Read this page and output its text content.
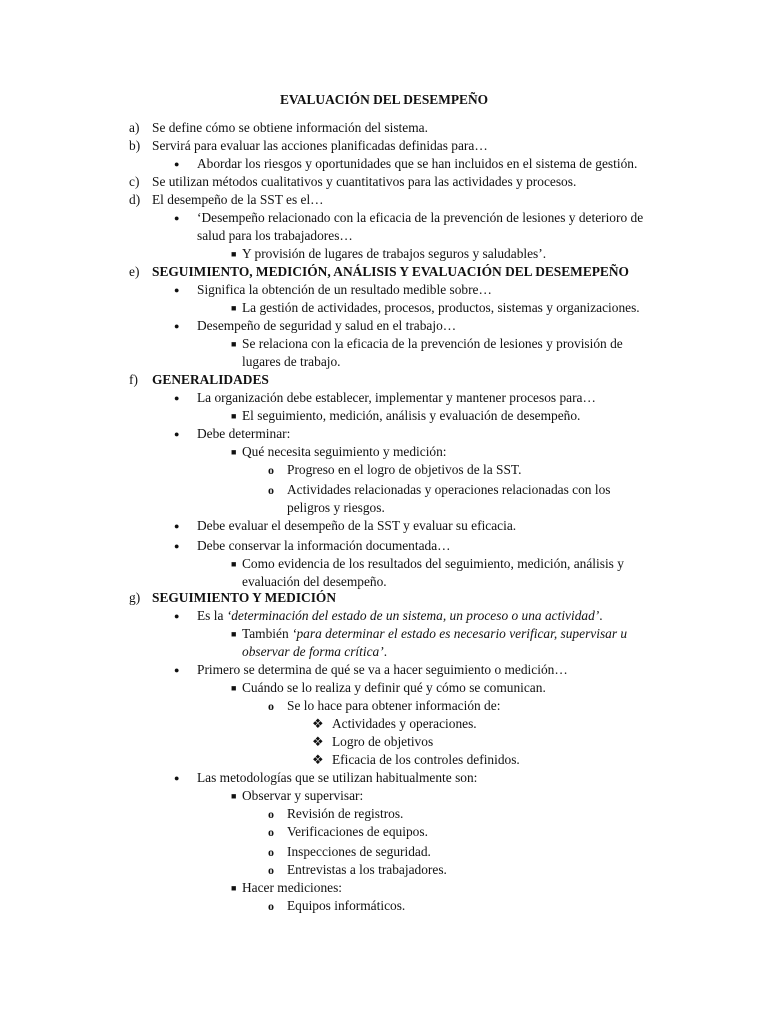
EVALUACIÓN DEL DESEMPEÑO
a) Se define cómo se obtiene información del sistema.
b) Servirá para evaluar las acciones planificadas definidas para…
● Abordar los riesgos y oportunidades que se han incluidos en el sistema de gestión.
c) Se utilizan métodos cualitativos y cuantitativos para las actividades y procesos.
d) El desempeño de la SST es el…
● ‘Desempeño relacionado con la eficacia de la prevención de lesiones y deterioro de
salud para los trabajadores…
■ Y provisión de lugares de trabajos seguros y saludables’.
e) SEGUIMIENTO, MEDICIÓN, ANÁLISIS Y EVALUACIÓN DEL DESEMEPEÑO
● Significa la obtención de un resultado medible sobre…
■ La gestión de actividades, procesos, productos, sistemas y organizaciones.
● Desempeño de seguridad y salud en el trabajo…
■ Se relaciona con la eficacia de la prevención de lesiones y provisión de
lugares de trabajo.
f) GENERALIDADES
● La organización debe establecer, implementar y mantener procesos para…
■ El seguimiento, medición, análisis y evaluación de desempeño.
● Debe determinar:
■ Qué necesita seguimiento y medición:
o Progreso en el logro de objetivos de la SST.
o Actividades relacionadas y operaciones relacionadas con los
peligros y riesgos.
● Debe evaluar el desempeño de la SST y evaluar su eficacia.
● Debe conservar la información documentada…
■ Como evidencia de los resultados del seguimiento, medición, análisis y
evaluación del desempeño.
g) SEGUIMIENTO Y MEDICIÓN
● Es la ‘determinación del estado de un sistema, un proceso o una actividad’.
■ También ‘para determinar el estado es necesario verificar, supervisar u
observar de forma crítica’.
● Primero se determina de qué se va a hacer seguimiento o medición…
■ Cuándo se lo realiza y definir qué y cómo se comunican.
o Se lo hace para obtener información de:
❖ Actividades y operaciones.
❖ Logro de objetivos
❖ Eficacia de los controles definidos.
● Las metodologías que se utilizan habitualmente son:
■ Observar y supervisar:
o Revisión de registros.
o Verificaciones de equipos.
o Inspecciones de seguridad.
o Entrevistas a los trabajadores.
■ Hacer mediciones:
o Equipos informáticos.
